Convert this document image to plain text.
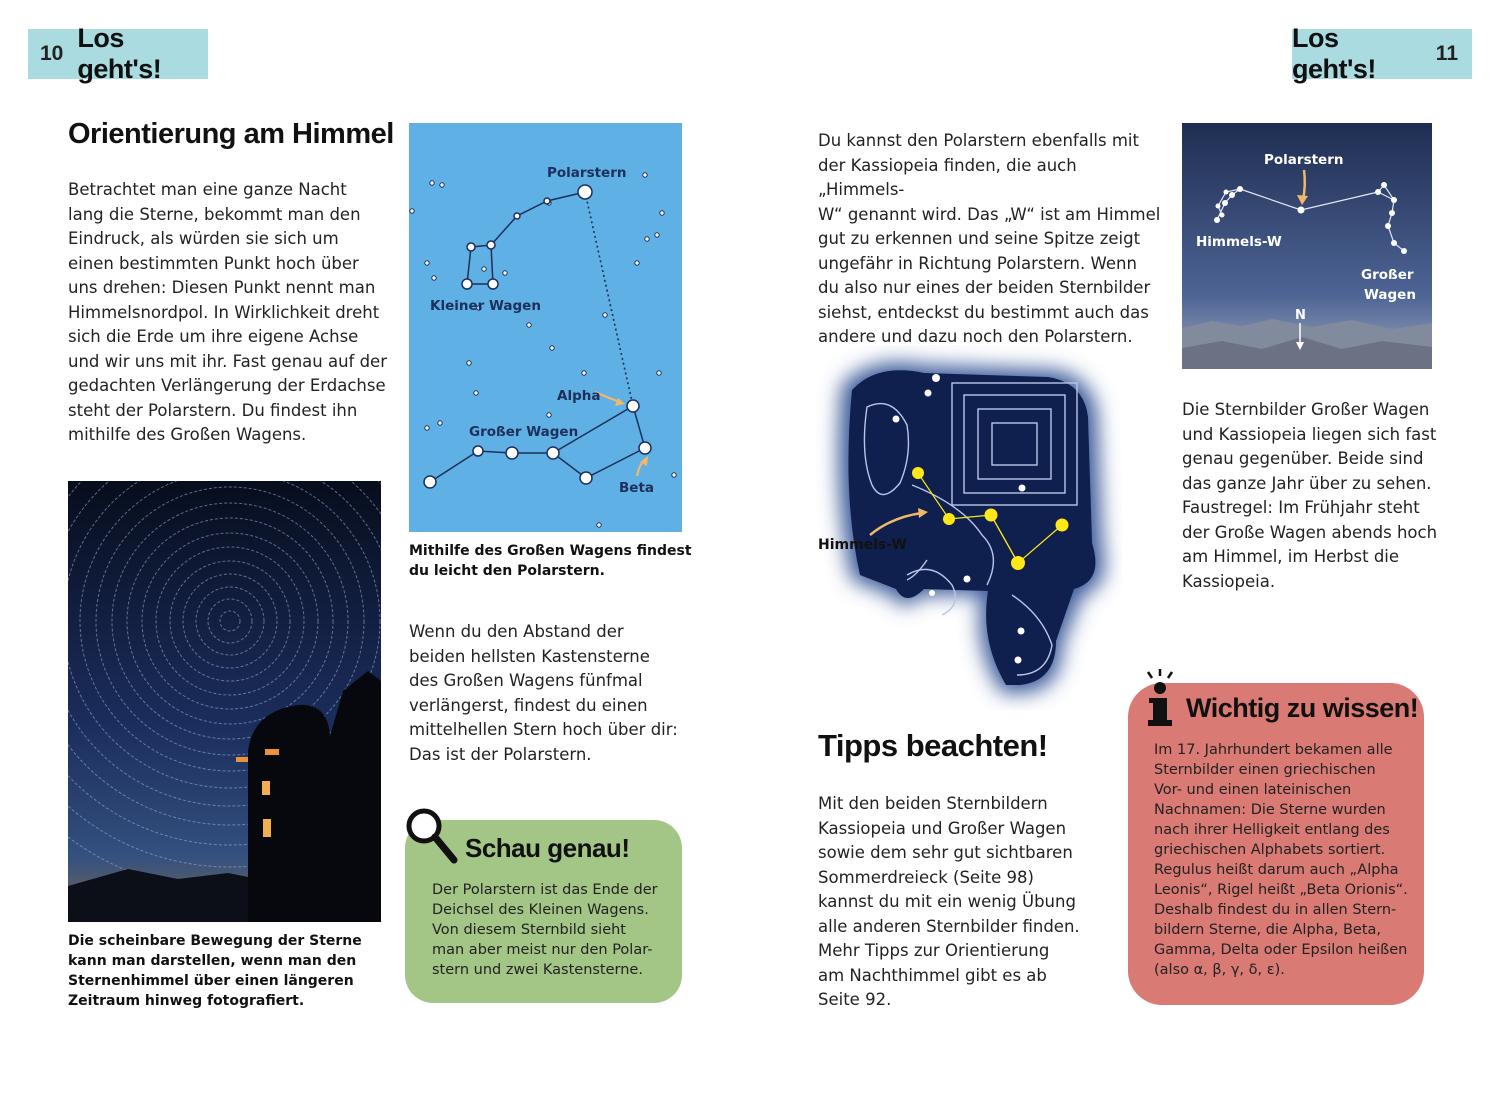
10
Los geht's!
Los geht's!
11
Orientierung am Himmel
Betrachtet man eine ganze Nacht
lang die Sterne, bekommt man den
Eindruck, als würden sie sich um
einen bestimmten Punkt hoch über
uns drehen: Diesen Punkt nennt man
Himmelsnordpol. In Wirklichkeit dreht
sich die Erde um ihre eigene Achse
und wir uns mit ihr. Fast genau auf der
gedachten Verlängerung der Erdachse
steht der Polarstern. Du findest ihn
mithilfe des Großen Wagens.
Die scheinbare Bewegung der Sterne
kann man darstellen, wenn man den
Sternenhimmel über einen längeren
Zeitraum hinweg fotografiert.
Polarstern
Kleiner Wagen
Alpha
Großer Wagen
Beta
Mithilfe des Großen Wagens findest
du leicht den Polarstern.
Wenn du den Abstand der
beiden hellsten Kastensterne
des Großen Wagens fünfmal
verlängerst, findest du einen
mittelhellen Stern hoch über dir:
Das ist der Polarstern.
Schau genau!
Der Polarstern ist das Ende der
Deichsel des Kleinen Wagens.
Von diesem Sternbild sieht
man aber meist nur den Polar-
stern und zwei Kastensterne.
Du kannst den Polarstern ebenfalls mit
der Kassiopeia finden, die auch „Himmels-
W“ genannt wird. Das „W“ ist am Himmel
gut zu erkennen und seine Spitze zeigt
ungefähr in Richtung Polarstern. Wenn
du also nur eines der beiden Sternbilder
siehst, entdeckst du bestimmt auch das
andere und dazu noch den Polarstern.
Polarstern
Himmels-W
Großer
Wagen
N
Die Sternbilder Großer Wagen
und Kassiopeia liegen sich fast
genau gegenüber. Beide sind
das ganze Jahr über zu sehen.
Faustregel: Im Frühjahr steht
der Große Wagen abends hoch
am Himmel, im Herbst die
Kassiopeia.
Himmels-W
Tipps beachten!
Mit den beiden Sternbildern
Kassiopeia und Großer Wagen
sowie dem sehr gut sichtbaren
Sommerdreieck (Seite 98)
kannst du mit ein wenig Übung
alle anderen Sternbilder finden.
Mehr Tipps zur Orientierung
am Nachthimmel gibt es ab
Seite 92.
Wichtig zu wissen!
Im 17. Jahrhundert bekamen alle
Sternbilder einen griechischen
Vor- und einen lateinischen
Nachnamen: Die Sterne wurden
nach ihrer Helligkeit entlang des
griechischen Alphabets sortiert.
Regulus heißt darum auch „Alpha
Leonis“, Rigel heißt „Beta Orionis“.
Deshalb findest du in allen Stern-
bildern Sterne, die Alpha, Beta,
Gamma, Delta oder Epsilon heißen
(also α, β, γ, δ, ε).
